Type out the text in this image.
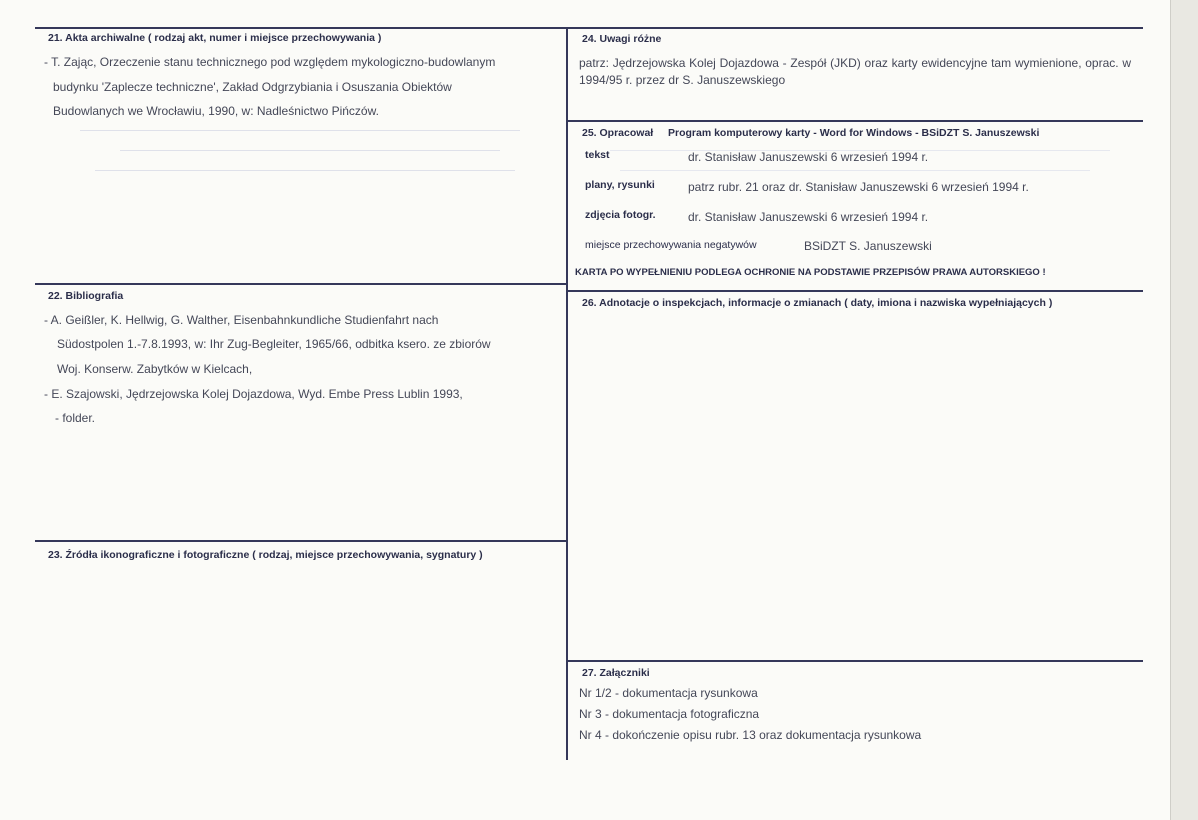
21. Akta archiwalne ( rodzaj akt, numer i miejsce przechowywania )
- T. Zając, Orzeczenie stanu technicznego pod względem mykologiczno-budowlanym
budynku 'Zaplecze techniczne', Zakład Odgrzybiania i Osuszania Obiektów
Budowlanych we Wrocławiu, 1990, w: Nadleśnictwo Pińczów.
22. Bibliografia
- A. Geißler, K. Hellwig, G. Walther, Eisenbahnkundliche Studienfahrt nach
Südostpolen 1.-7.8.1993, w: Ihr Zug-Begleiter, 1965/66, odbitka ksero. ze zbiorów
Woj. Konserw. Zabytków w Kielcach,
- E. Szajowski, Jędrzejowska Kolej Dojazdowa, Wyd. Embe Press Lublin 1993,
- folder.
23. Źródła ikonograficzne i fotograficzne ( rodzaj, miejsce przechowywania, sygnatury )
24. Uwagi różne
patrz: Jędrzejowska Kolej Dojazdowa - Zespół (JKD) oraz karty ewidencyjne tam wymienione, oprac. w 1994/95 r. przez dr S. Januszewskiego
25. Opracował Program komputerowy karty - Word for Windows - BSiDZT S. Januszewski
tekst	dr. Stanisław Januszewski 6 wrzesień 1994 r.
plany, rysunki	patrz rubr. 21 oraz dr. Stanisław Januszewski 6 wrzesień 1994 r.
zdjęcia fotogr.	dr. Stanisław Januszewski 6 wrzesień 1994 r.
miejsce przechowywania negatywów	BSiDZT S. Januszewski
KARTA PO WYPEŁNIENIU PODLEGA OCHRONIE NA PODSTAWIE PRZEPISÓW PRAWA AUTORSKIEGO !
26. Adnotacje o inspekcjach, informacje o zmianach ( daty, imiona i nazwiska wypełniających )
27. Załączniki
Nr 1/2 - dokumentacja rysunkowa
Nr 3 - dokumentacja fotograficzna
Nr 4 - dokończenie opisu rubr. 13 oraz dokumentacja rysunkowa
